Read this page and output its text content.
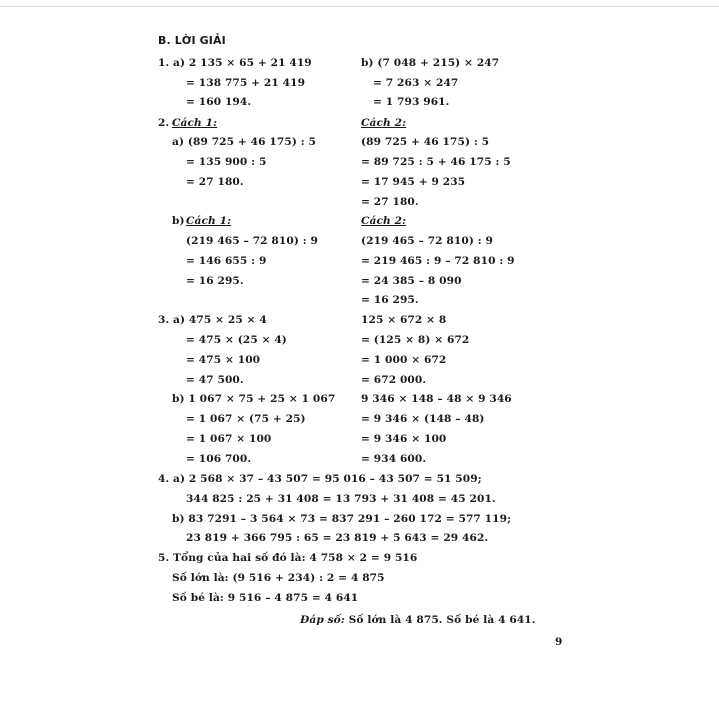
B. LỜI GIẢI
1. a) 2 135 × 65 + 21 419
= 138 775 + 21 419
= 160 194.
b) (7 048 + 215) × 247
= 7 263 × 247
= 1 793 961.
2. Cách 1:	Cách 2:
a) (89 725 + 46 175) : 5
= 135 900 : 5
= 27 180.
(89 725 + 46 175) : 5
= 89 725 : 5 + 46 175 : 5
= 17 945 + 9 235
= 27 180.
b) Cách 1:	Cách 2:
(219 465 – 72 810) : 9
= 146 655 : 9
= 16 295.
(219 465 – 72 810) : 9
= 219 465 : 9 – 72 810 : 9
= 24 385 – 8 090
= 16 295.
3. a) 475 × 25 × 4
= 475 × (25 × 4)
= 475 × 100
= 47 500.
125 × 672 × 8
= (125 × 8) × 672
= 1 000 × 672
= 672 000.
b) 1 067 × 75 + 25 × 1 067
= 1 067 × (75 + 25)
= 1 067 × 100
= 106 700.
9 346 × 148 – 48 × 9 346
= 9 346 × (148 – 48)
= 9 346 × 100
= 934 600.
4. a) 2 568 × 37 – 43 507 = 95 016 – 43 507 = 51 509;
344 825 : 25 + 31 408 = 13 793 + 31 408 = 45 201.
b) 83 7291 – 3 564 × 73 = 837 291 – 260 172 = 577 119;
23 819 + 366 795 : 65 = 23 819 + 5 643 = 29 462.
5. Tổng của hai số đó là: 4 758 × 2 = 9 516
Số lớn là: (9 516 + 234) : 2 = 4 875
Số bé là: 9 516 – 4 875 = 4 641
Đáp số: Số lớn là 4 875. Số bé là 4 641.
9
